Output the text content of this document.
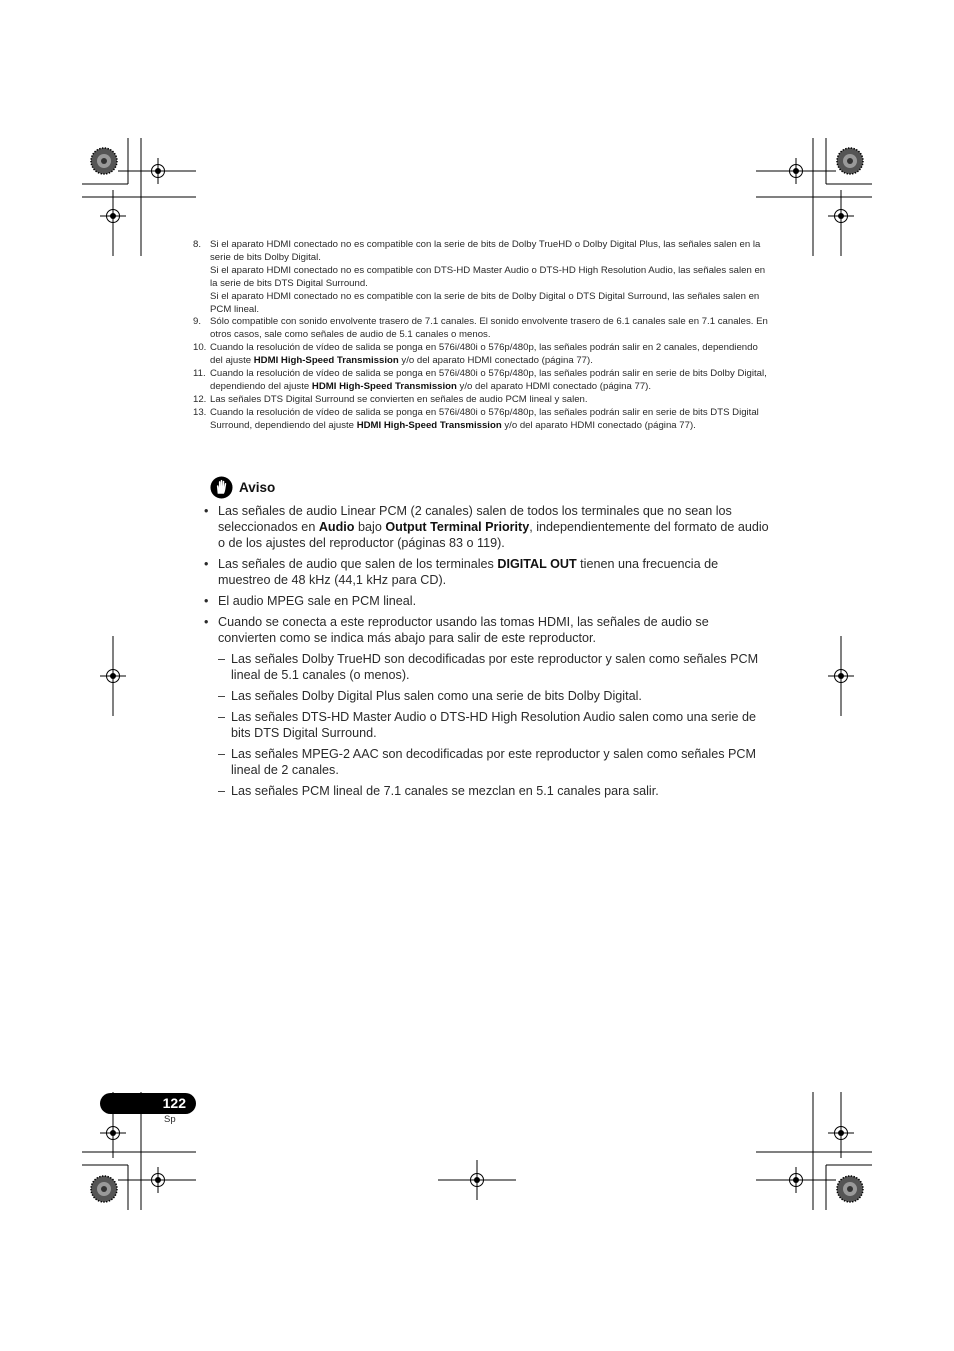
8. Si el aparato HDMI conectado no es compatible con la serie de bits de Dolby TrueHD o Dolby Digital Plus, las señales salen en la serie de bits Dolby Digital.

Si el aparato HDMI conectado no es compatible con DTS-HD Master Audio o DTS-HD High Resolution Audio, las señales salen en la serie de bits DTS Digital Surround.

Si el aparato HDMI conectado no es compatible con la serie de bits de Dolby Digital o DTS Digital Surround, las señales salen en PCM lineal.

9. Sólo compatible con sonido envolvente trasero de 7.1 canales. El sonido envolvente trasero de 6.1 canales sale en 7.1 canales. En otros casos, sale como señales de audio de 5.1 canales o menos.
10. Cuando la resolución de vídeo de salida se ponga en 576i/480i o 576p/480p, las señales podrán salir en 2 canales, dependiendo del ajuste HDMI High-Speed Transmission y/o del aparato HDMI conectado (página 77).
11. Cuando la resolución de vídeo de salida se ponga en 576i/480i o 576p/480p, las señales podrán salir en serie de bits Dolby Digital, dependiendo del ajuste HDMI High-Speed Transmission y/o del aparato HDMI conectado (página 77).
12. Las señales DTS Digital Surround se convierten en señales de audio PCM lineal y salen.
13. Cuando la resolución de vídeo de salida se ponga en 576i/480i o 576p/480p, las señales podrán salir en serie de bits DTS Digital Surround, dependiendo del ajuste HDMI High-Speed Transmission y/o del aparato HDMI conectado (página 77).
Aviso
• Las señales de audio Linear PCM (2 canales) salen de todos los terminales que no sean los seleccionados en Audio bajo Output Terminal Priority, independientemente del formato de audio o de los ajustes del reproductor (páginas 83 o 119).
• Las señales de audio que salen de los terminales DIGITAL OUT tienen una frecuencia de muestreo de 48 kHz (44,1 kHz para CD).
• El audio MPEG sale en PCM lineal.
• Cuando se conecta a este reproductor usando las tomas HDMI, las señales de audio se convierten como se indica más abajo para salir de este reproductor.
– Las señales Dolby TrueHD son decodificadas por este reproductor y salen como señales PCM lineal de 5.1 canales (o menos).
– Las señales Dolby Digital Plus salen como una serie de bits Dolby Digital.
– Las señales DTS-HD Master Audio o DTS-HD High Resolution Audio salen como una serie de bits DTS Digital Surround.
– Las señales MPEG-2 AAC son decodificadas por este reproductor y salen como señales PCM lineal de 2 canales.
– Las señales PCM lineal de 7.1 canales se mezclan en 5.1 canales para salir.
122
Sp
